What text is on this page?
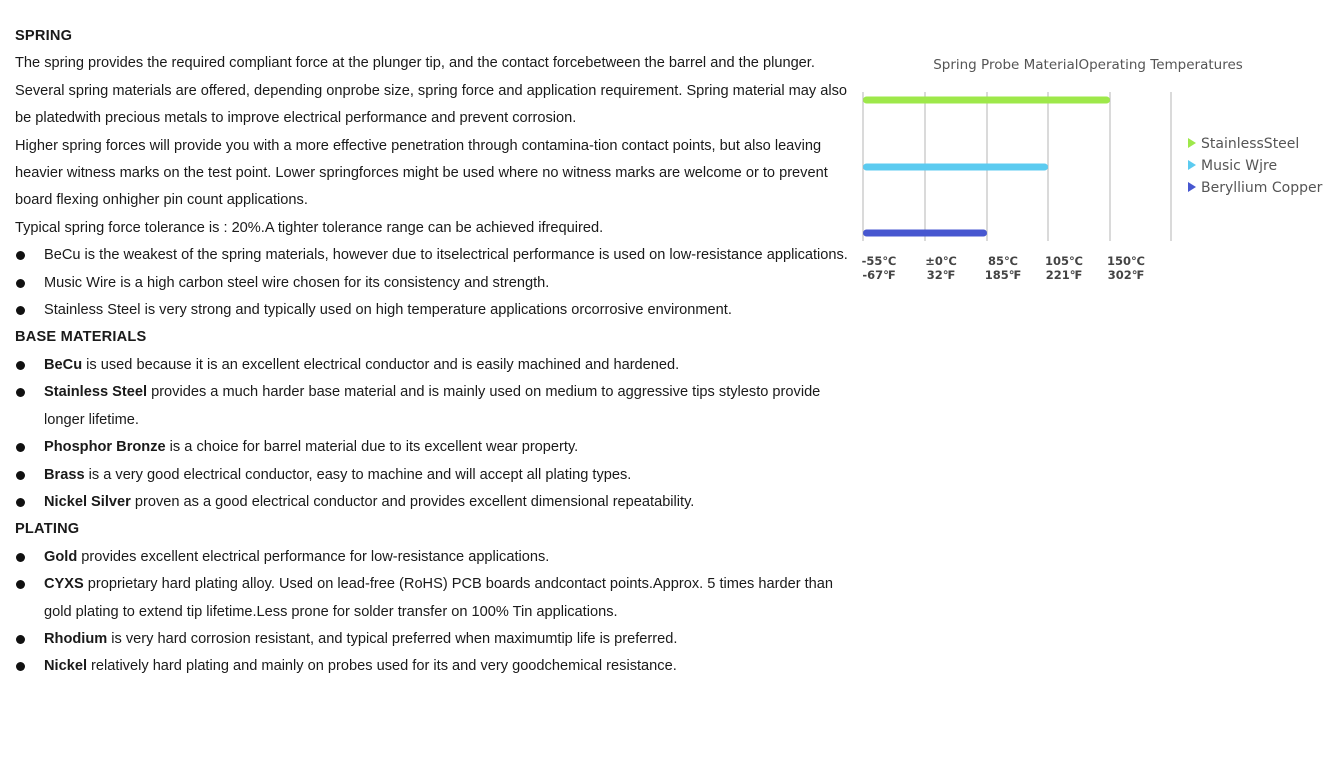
SPRING

The spring provides the required compliant force at the plunger tip, and the contact forcebetween the barrel and the plunger. Several spring materials are offered, depending onprobe size, spring force and application requirement. Spring material may also be platedwith precious metals to improve electrical performance and prevent corrosion.

Higher spring forces will provide you with a more effective penetration through contamina-tion contact points, but also leaving heavier witness marks on the test point. Lower springforces might be used where no witness marks are welcome or to prevent board flexing onhigher pin count applications.

Typical spring force tolerance is : 20%.A tighter tolerance range can be achieved ifrequired.

BeCu is the weakest of the spring materials, however due to itselectrical performance is used on low-resistance applications.
Music Wire is a high carbon steel wire chosen for its consistency and strength.
Stainless Steel is very strong and typically used on high temperature applications orcorrosive environment.
BASE MATERIALS
BeCu is used because it is an excellent electrical conductor and is easily machined and hardened.
Stainless Steel provides a much harder base material and is mainly used on medium to aggressive tips stylesto provide longer lifetime.
Phosphor Bronze is a choice for barrel material due to its excellent wear property.
Brass is a very good electrical conductor, easy to machine and will accept all plating types.
Nickel Silver proven as a good electrical conductor and provides excellent dimensional repeatability.
PLATING
Gold provides excellent electrical performance for low-resistance applications.
CYXS proprietary hard plating alloy. Used on lead-free (RoHS) PCB boards andcontact points.Approx. 5 times harder than gold plating to extend tip lifetime.Less prone for solder transfer on 100% Tin applications.
Rhodium is very hard corrosion resistant, and typical preferred when maximumtip life is preferred.
Nickel relatively hard plating and mainly on probes used for its and very goodchemical resistance.
Spring Probe MaterialOperating Temperatures
-55℃
-67℉
±0℃
32℉
85℃
185℉
105℃
221℉
150℃
302℉
StainlessSteel
Music Wjre
Beryllium Copper
